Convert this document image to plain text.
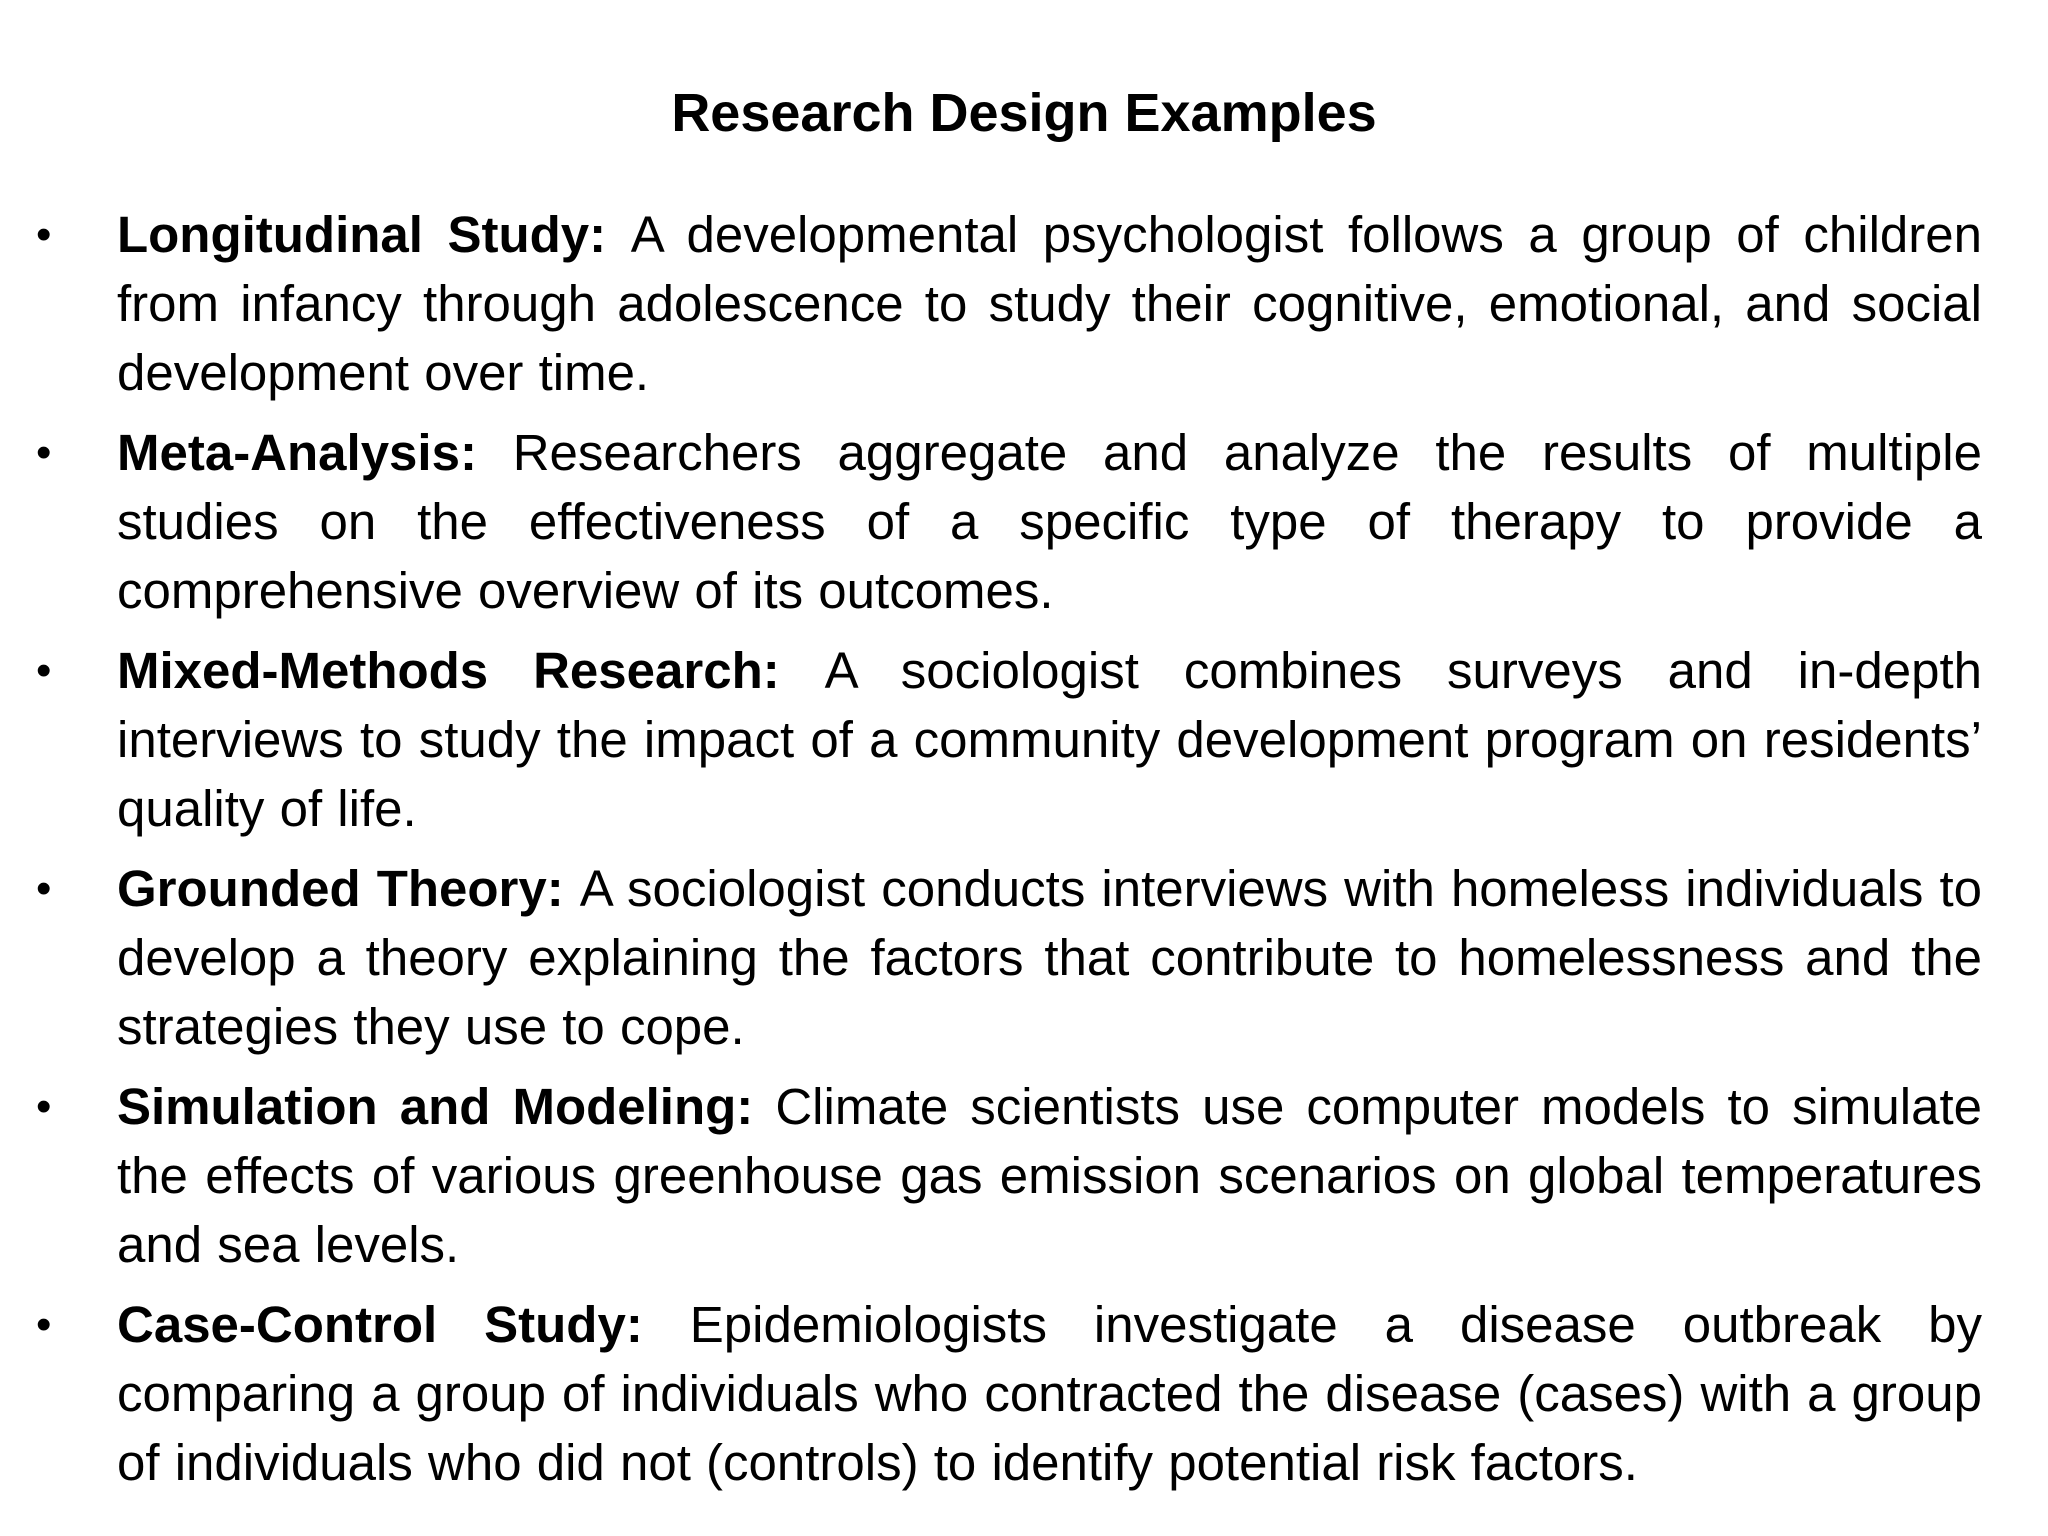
Research Design Examples
• Longitudinal Study: A developmental psychologist follows a group of children from infancy through adolescence to study their cognitive, emotional, and social development over time.
• Meta-Analysis: Researchers aggregate and analyze the results of multiple studies on the effectiveness of a specific type of therapy to provide a comprehensive overview of its outcomes.
• Mixed-Methods Research: A sociologist combines surveys and in-depth interviews to study the impact of a community development program on residents’ quality of life.
• Grounded Theory: A sociologist conducts interviews with homeless individuals to develop a theory explaining the factors that contribute to homelessness and the strategies they use to cope.
• Simulation and Modeling: Climate scientists use computer models to simulate the effects of various greenhouse gas emission scenarios on global temperatures and sea levels.
• Case-Control Study: Epidemiologists investigate a disease outbreak by comparing a group of individuals who contracted the disease (cases) with a group of individuals who did not (controls) to identify potential risk factors.
